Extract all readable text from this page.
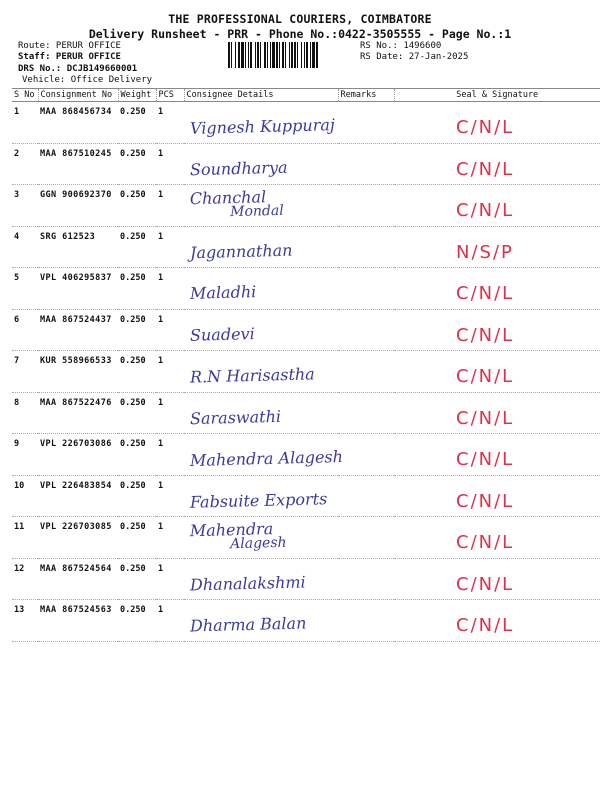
THE PROFESSIONAL COURIERS, COIMBATORE
Delivery Runsheet - PRR - Phone No.:0422-3505555 - Page No.:1
Route: PERUR OFFICE
Staff: PERUR OFFICE
DRS No.: DCJB149660001
Vehicle: Office Delivery
RS No.: 1496600
RS Date: 27-Jan-2025
S No	Consignment No	Weight	PCS	Consignee Details	Remarks	Seal & Signature
1	MAA 868456734	0.250	1	Vignesh Kuppuraj		C/N/L

2	MAA 867510245	0.250	1	Soundharya		C/N/L

3	GGN 900692370	0.250	1	Chanchal
Mondal		C/N/L

4	SRG 612523	0.250	1	Jagannathan		N/S/P

5	VPL 406295837	0.250	1	Maladhi		C/N/L

6	MAA 867524437	0.250	1	Suadevi		C/N/L

7	KUR 558966533	0.250	1	R.N Harisastha		C/N/L

8	MAA 867522476	0.250	1	Saraswathi		C/N/L

9	VPL 226703086	0.250	1	Mahendra Alagesh		C/N/L

10	VPL 226483854	0.250	1	Fabsuite Exports		C/N/L

11	VPL 226703085	0.250	1	Mahendra
Alagesh		C/N/L

12	MAA 867524564	0.250	1	Dhanalakshmi		C/N/L

13	MAA 867524563	0.250	1	Dharma Balan		C/N/L
